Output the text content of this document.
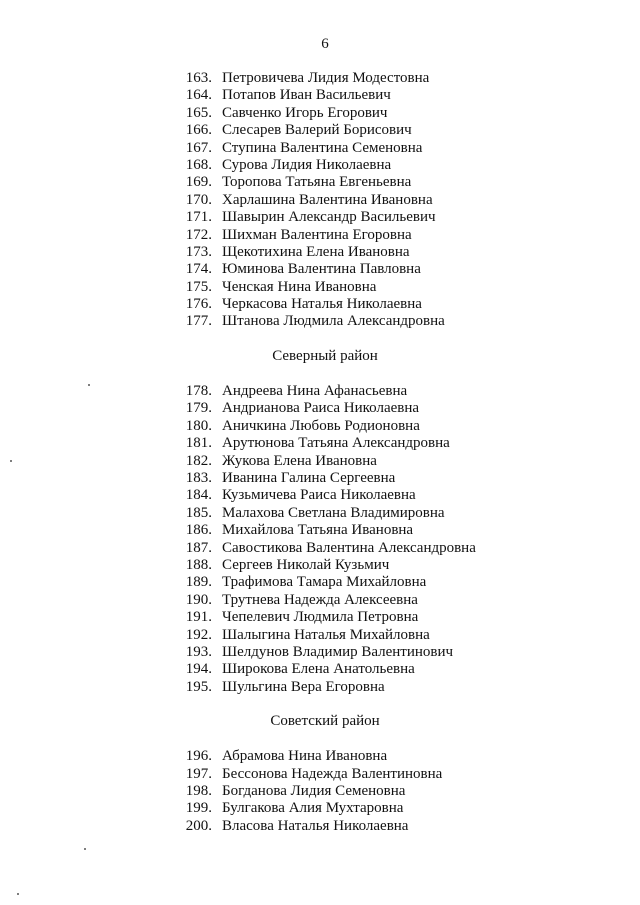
6
163. Петровичева Лидия Модестовна
164. Потапов Иван Васильевич
165. Савченко Игорь Егорович
166. Слесарев Валерий Борисович
167. Ступина Валентина Семеновна
168. Сурова Лидия Николаевна
169. Торопова Татьяна Евгеньевна
170. Харлашина Валентина Ивановна
171. Шавырин Александр Васильевич
172. Шихман Валентина Егоровна
173. Щекотихина Елена Ивановна
174. Юминова Валентина Павловна
175. Ченская Нина Ивановна
176. Черкасова Наталья Николаевна
177. Штанова Людмила Александровна
Северный район
178. Андреева Нина Афанасьевна
179. Андрианова Раиса Николаевна
180. Аничкина Любовь Родионовна
181. Арутюнова Татьяна Александровна
182. Жукова Елена Ивановна
183. Иванина Галина Сергеевна
184. Кузьмичева Раиса Николаевна
185. Малахова Светлана Владимировна
186. Михайлова Татьяна Ивановна
187. Савостикова Валентина Александровна
188. Сергеев Николай Кузьмич
189. Трафимова Тамара Михайловна
190. Трутнева Надежда Алексеевна
191. Чепелевич Людмила Петровна
192. Шалыгина Наталья Михайловна
193. Шелдунов Владимир Валентинович
194. Широкова Елена Анатольевна
195. Шульгина Вера Егоровна
Советский район
196. Абрамова Нина Ивановна
197. Бессонова Надежда Валентиновна
198. Богданова Лидия Семеновна
199. Булгакова Алия Мухтаровна
200. Власова Наталья Николаевна
